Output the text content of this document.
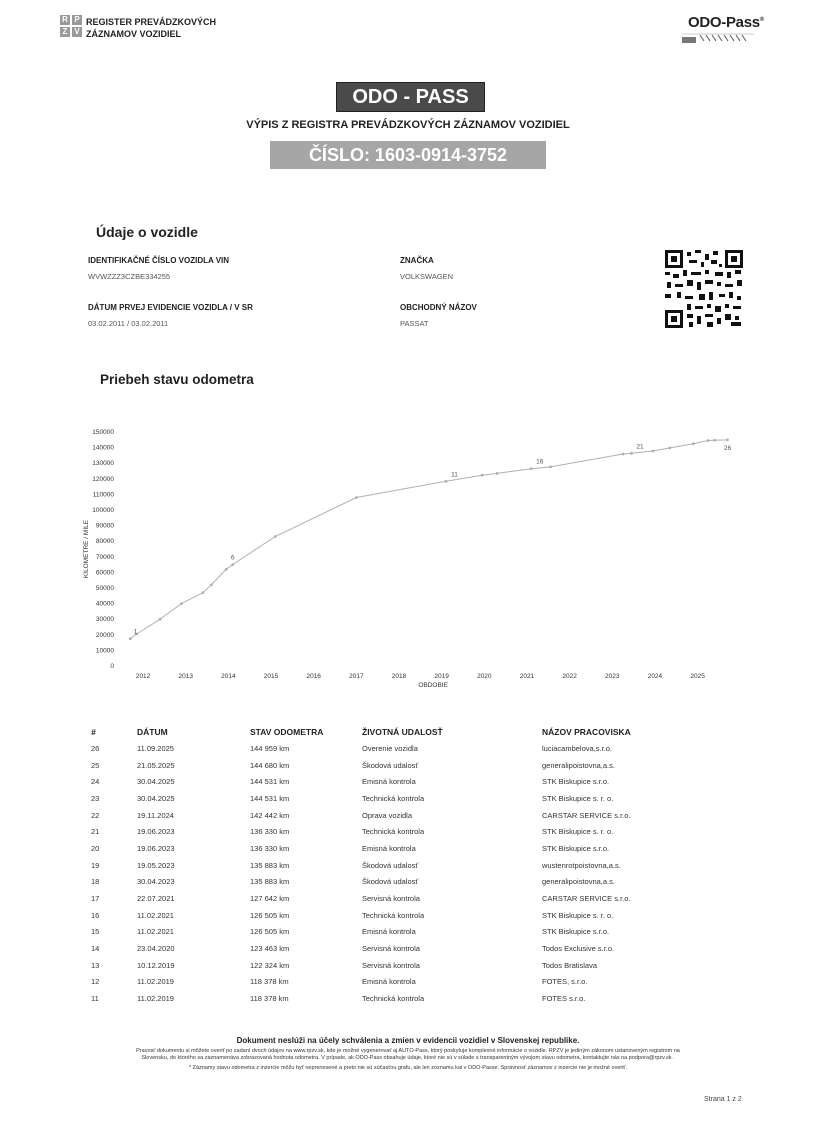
R P
Z V
REGISTER PREVÁDZKOVÝCH
ZÁZNAMOV VOZIDIEL
ODO-Pass®
ODO - PASS
VÝPIS Z REGISTRA PREVÁDZKOVÝCH ZÁZNAMOV VOZIDIEL
ČÍSLO: 1603-0914-3752
Údaje o vozidle
IDENTIFIKAČNÉ ČÍSLO VOZIDLA VIN
WVWZZZ3CZBE334255
ZNAČKA
VOLKSWAGEN
DÁTUM PRVEJ EVIDENCIE VOZIDLA / V SR
03.02.2011 / 03.02.2011
OBCHODNÝ NÁZOV
PASSAT
Priebeh stavu odometra
0
10000
20000
30000
40000
50000
60000
70000
80000
90000
100000
110000
120000
130000
140000
150000
2012	2013	2014	2015	2016	2017	2018	2019	2020	2021	2022	2023	2024	2025
OBDOBIE
KILOMETRE / MILE
1
6
11
16
21	26
#	DÁTUM	STAV ODOMETRA	ŽIVOTNÁ UDALOSŤ	NÁZOV PRACOVISKA
26	11.09.2025	144 959 km	Overenie vozidla	luciacambelova,s.r.o.
25	21.05.2025	144 680 km	Škodová udalosť	generalipoistovna,a.s.
24	30.04.2025	144 531 km	Emisná kontrola	STK Biskupice s.r.o.
23	30.04.2025	144 531 km	Technická kontrola	STK Biskupice s. r. o.
22	19.11.2024	142 442 km	Oprava vozidla	CARSTAR SERVICE s.r.o.
21	19.06.2023	136 330 km	Technická kontrola	STK Biskupice s. r. o.
20	19.06.2023	136 330 km	Emisná kontrola	STK Biskupice s.r.o.
19	19.05.2023	135 883 km	Škodová udalosť	wustenrotpoistovna,a.s.
18	30.04.2023	135 883 km	Škodová udalosť	generalipoistovna,a.s.
17	22.07.2021	127 642 km	Servisná kontrola	CARSTAR SERVICE s.r.o.
16	11.02.2021	126 505 km	Technická kontrola	STK Biskupice s. r. o.
15	11.02.2021	126 505 km	Emisná kontrola	STK Biskupice s.r.o.
14	23.04.2020	123 463 km	Servisná kontrola	Todos Exclusive s.r.o.
13	10.12.2019	122 324 km	Servisná kontrola	Todos Bratislava
12	11.02.2019	118 378 km	Emisná kontrola	FOTES, s.r.o.
11	11.02.2019	118 378 km	Technická kontrola	FOTES s.r.o.
Dokument neslúži na účely schválenia a zmien v evidencii vozidiel v Slovenskej republike.
Pravosť dokumentu si môžete overiť po zadaní dvoch údajov na www.rpzv.sk, kde je možné vygenerovať aj AUTO-Pass, ktorý poskytuje komplexné informácie o vozidle. RPZV je jediným zákonom ustanoveným registrom na
Slovensku, do ktorého sa zaznamenáva zobrazovaná hodnota odometra. V prípade, ak ODO-Pass obsahuje údaje, ktoré nie sú v súlade s transparentným vývojom stavu odometra, kontaktujte nás na podpora@rpzv.sk .
* Záznamy stavu odometra z inzercie môžu byť neprenesené a preto nie sú súčasťou grafu, ale len zoznamu kai v ODO-Passe. Správnosť záznamov z inzercie nie je možné overiť.
Strana 1 z 2
